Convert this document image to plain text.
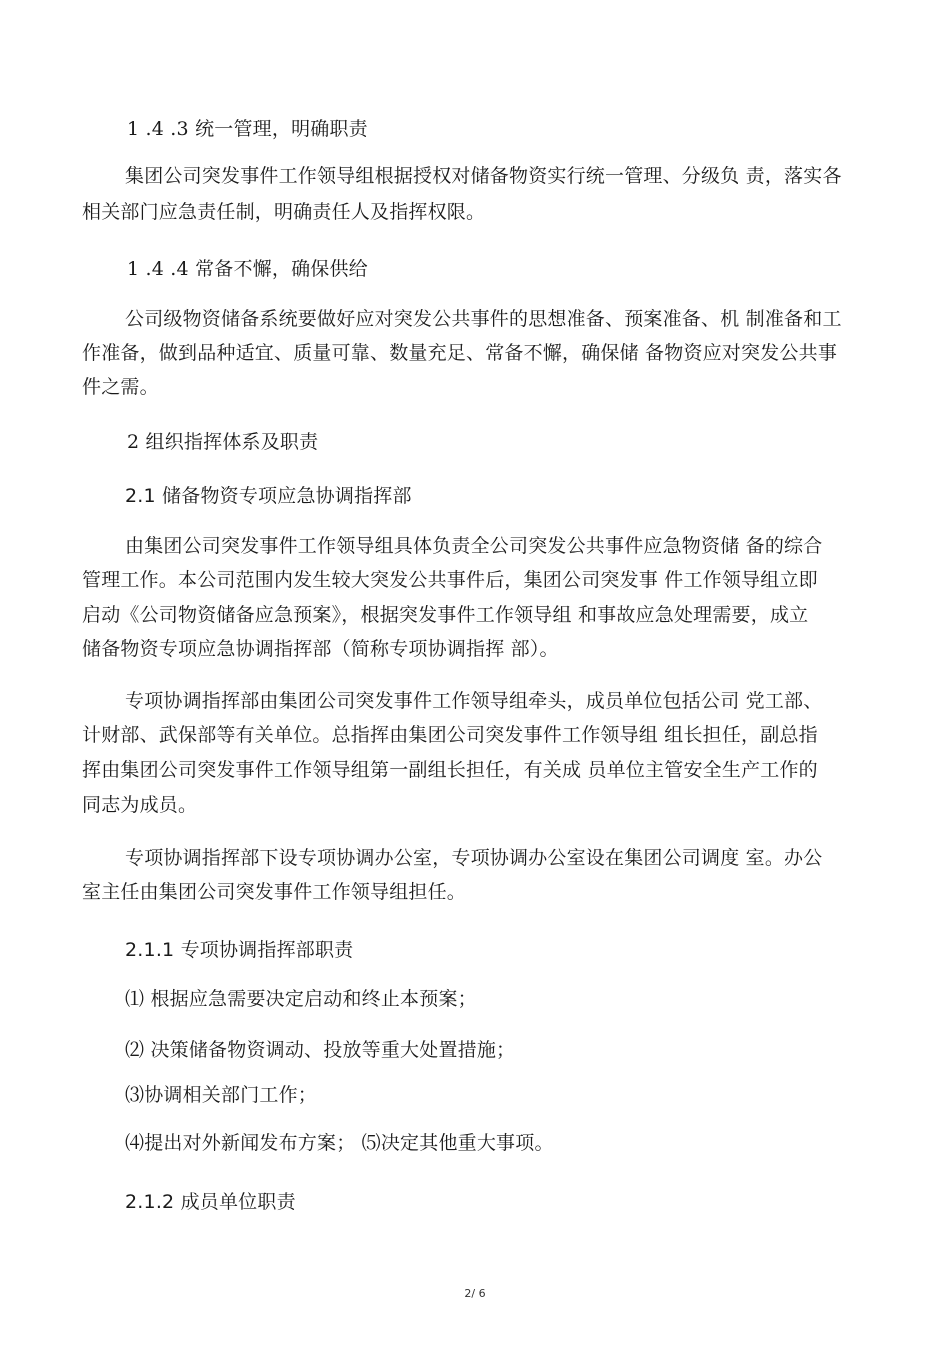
1 .4 .3 统一管理，明确职责
集团公司突发事件工作领导组根据授权对储备物资实行统一管理、分级负 责，落实各
相关部门应急责任制，明确责任人及指挥权限。
1 .4 .4 常备不懈，确保供给
公司级物资储备系统要做好应对突发公共事件的思想准备、预案准备、机 制准备和工
作准备，做到品种适宜、质量可靠、数量充足、常备不懈，确保储 备物资应对突发公共事
件之需。
2 组织指挥体系及职责
2.1 储备物资专项应急协调指挥部
由集团公司突发事件工作领导组具体负责全公司突发公共事件应急物资储 备的综合
管理工作。本公司范围内发生较大突发公共事件后，集团公司突发事 件工作领导组立即
启动《公司物资储备应急预案》，根据突发事件工作领导组 和事故应急处理需要，成立
储备物资专项应急协调指挥部（简称专项协调指挥 部）。
专项协调指挥部由集团公司突发事件工作领导组牵头，成员单位包括公司 党工部、
计财部、武保部等有关单位。总指挥由集团公司突发事件工作领导组 组长担任，副总指
挥由集团公司突发事件工作领导组第一副组长担任，有关成 员单位主管安全生产工作的
同志为成员。
专项协调指挥部下设专项协调办公室，专项协调办公室设在集团公司调度 室。办公
室主任由集团公司突发事件工作领导组担任。
2.1.1 专项协调指挥部职责
⑴ 根据应急需要决定启动和终止本预案；
⑵ 决策储备物资调动、投放等重大处置措施；
⑶协调相关部门工作；
⑷提出对外新闻发布方案； ⑸决定其他重大事项。
2.1.2 成员单位职责
2/ 6
